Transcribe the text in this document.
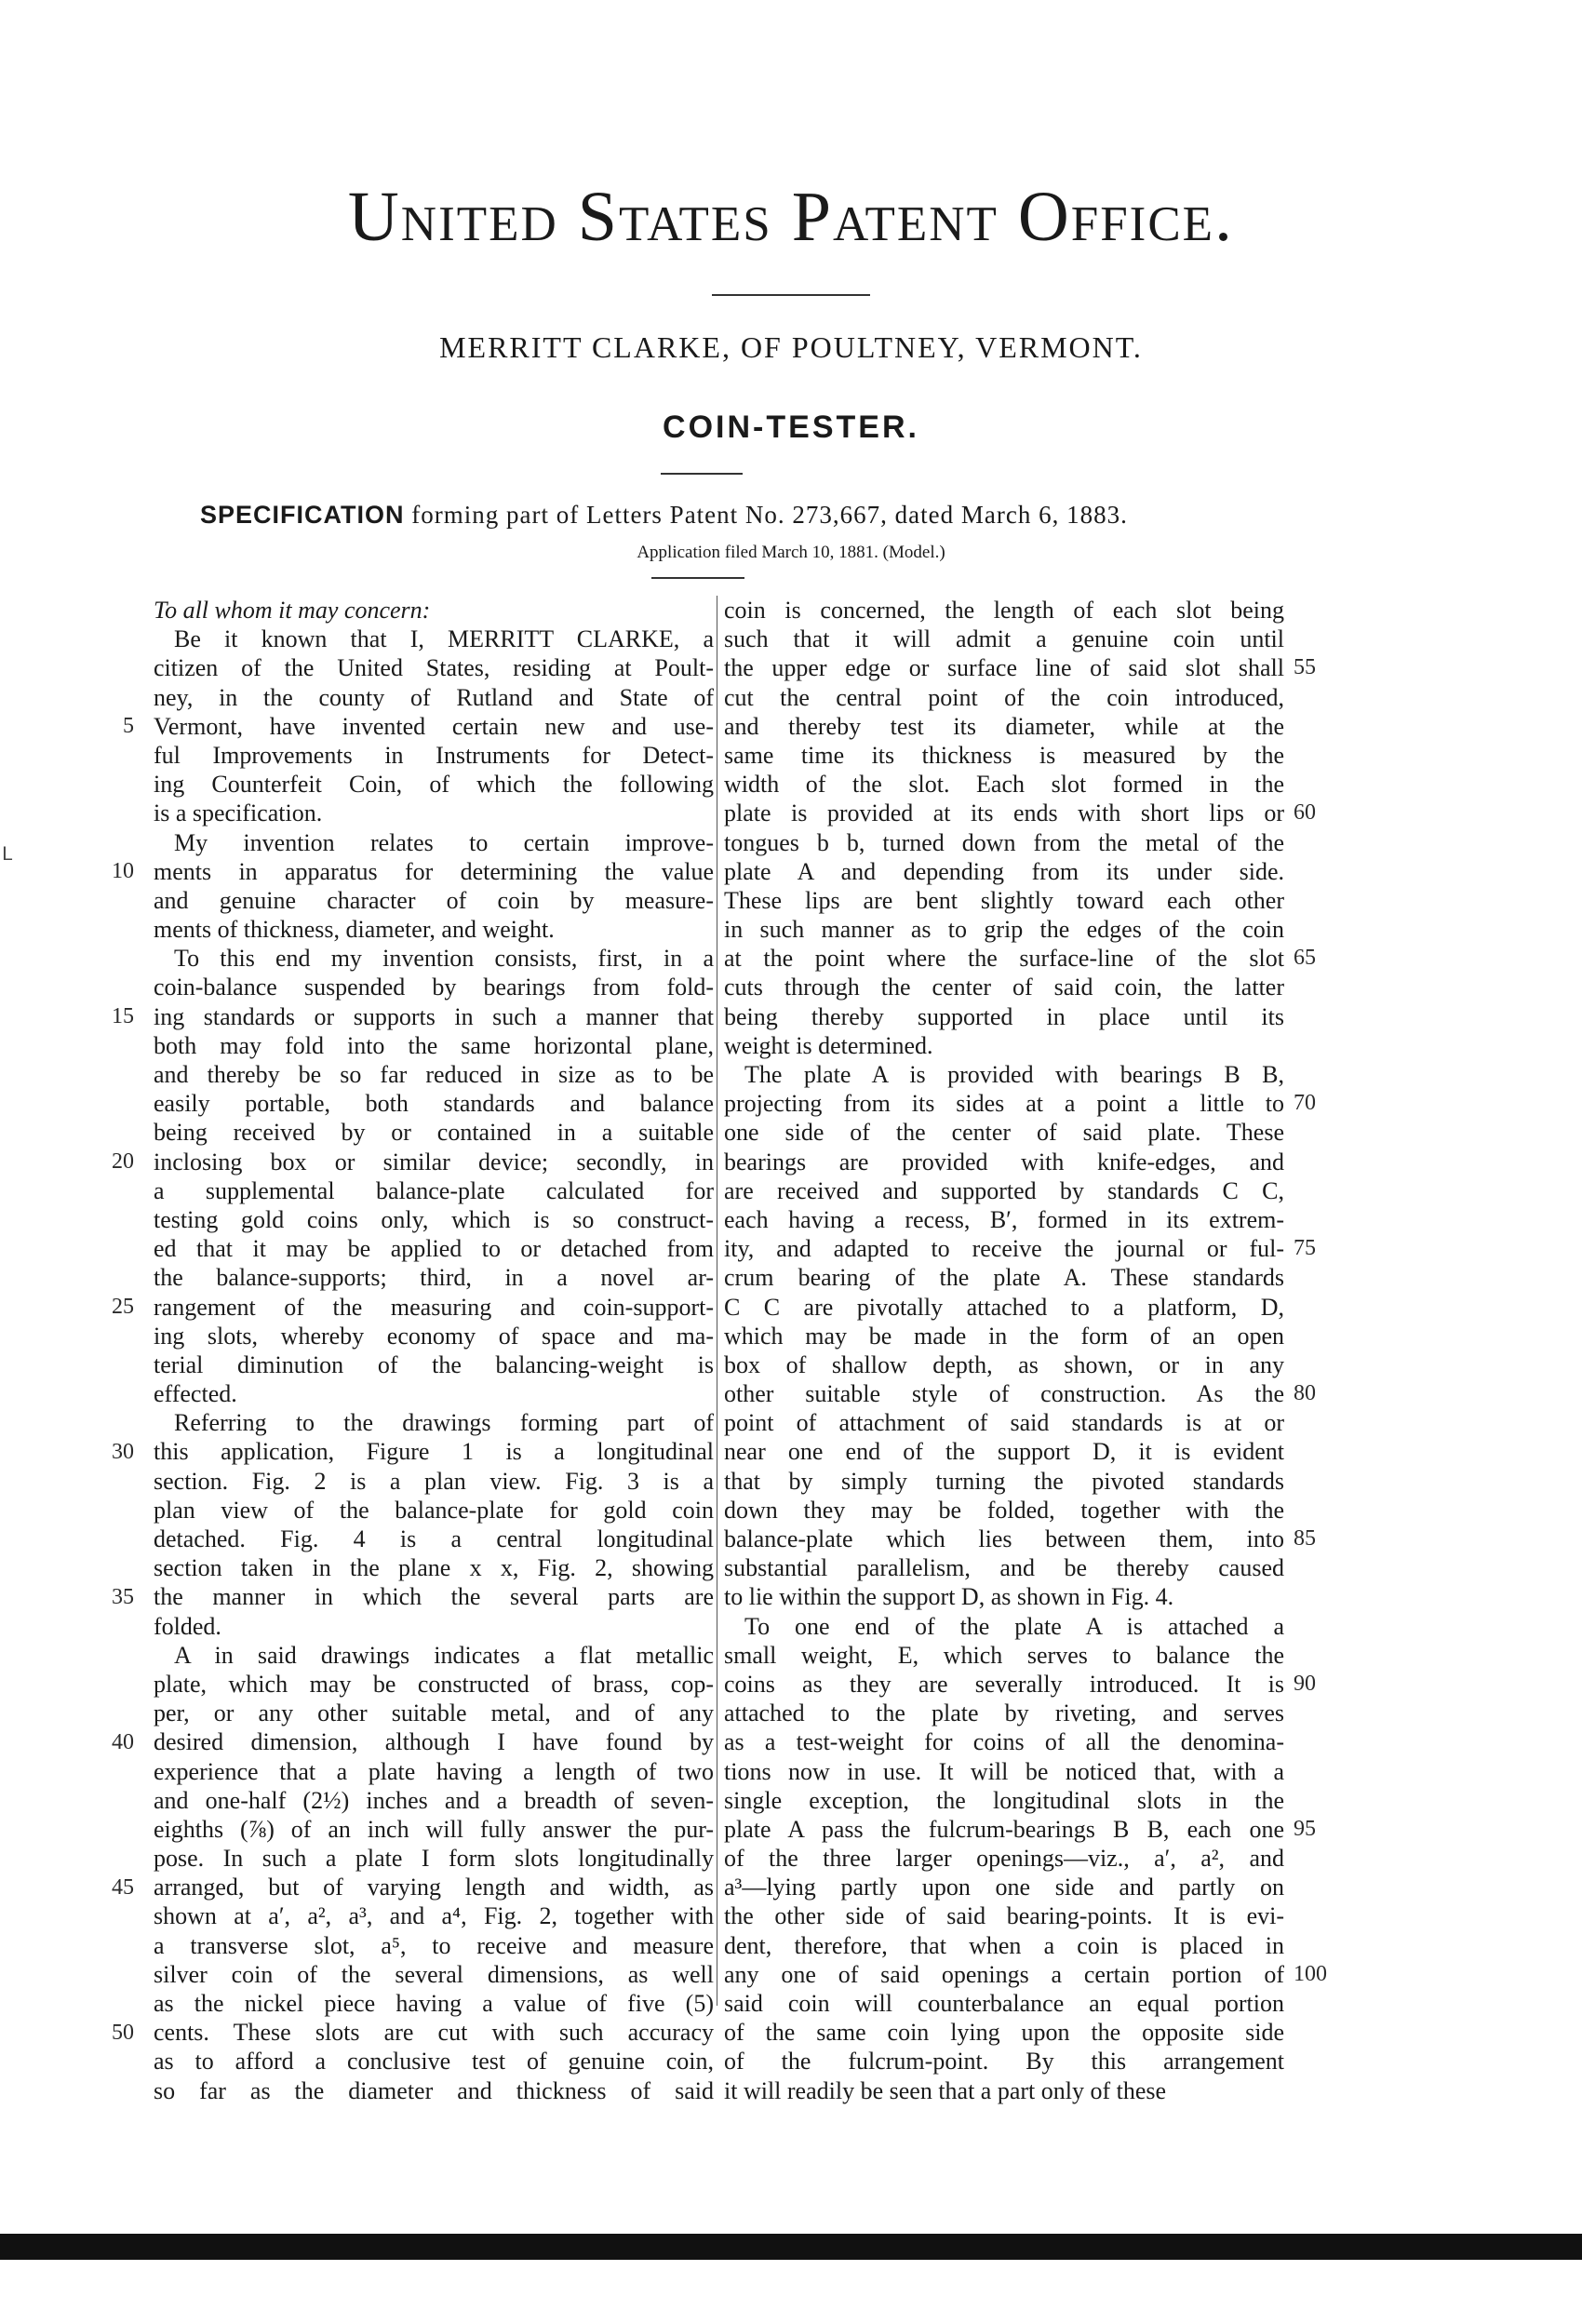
United States Patent Office.
MERRITT CLARKE, OF POULTNEY, VERMONT.
COIN-TESTER.
SPECIFICATION forming part of Letters Patent No. 273,667, dated March 6, 1883.
Application filed March 10, 1881. (Model.)
ᒪ
To all whom it may concern:
Be it known that I, MERRITT CLARKE, a
citizen of the United States, residing at Poult-
ney, in the county of Rutland and State of
Vermont, have invented certain new and use-
ful Improvements in Instruments for Detect-
ing Counterfeit Coin, of which the following
is a specification.
My invention relates to certain improve-
ments in apparatus for determining the value
and genuine character of coin by measure-
ments of thickness, diameter, and weight.
To this end my invention consists, first, in a
coin-balance suspended by bearings from fold-
ing standards or supports in such a manner that
both may fold into the same horizontal plane,
and thereby be so far reduced in size as to be
easily portable, both standards and balance
being received by or contained in a suitable
inclosing box or similar device; secondly, in
a supplemental balance-plate calculated for
testing gold coins only, which is so construct-
ed that it may be applied to or detached from
the balance-supports; third, in a novel ar-
rangement of the measuring and coin-support-
ing slots, whereby economy of space and ma-
terial diminution of the balancing-weight is
effected.
Referring to the drawings forming part of
this application, Figure 1 is a longitudinal
section. Fig. 2 is a plan view. Fig. 3 is a
plan view of the balance-plate for gold coin
detached. Fig. 4 is a central longitudinal
section taken in the plane x x, Fig. 2, showing
the manner in which the several parts are
folded.
A in said drawings indicates a flat metallic
plate, which may be constructed of brass, cop-
per, or any other suitable metal, and of any
desired dimension, although I have found by
experience that a plate having a length of two
and one-half (2½) inches and a breadth of seven-
eighths (⅞) of an inch will fully answer the pur-
pose. In such a plate I form slots longitudinally
arranged, but of varying length and width, as
shown at a′, a², a³, and a⁴, Fig. 2, together with
a transverse slot, a⁵, to receive and measure
silver coin of the several dimensions, as well
as the nickel piece having a value of five (5)
cents. These slots are cut with such accuracy
as to afford a conclusive test of genuine coin,
so far as the diameter and thickness of said
coin is concerned, the length of each slot being
such that it will admit a genuine coin until
the upper edge or surface line of said slot shall
cut the central point of the coin introduced,
and thereby test its diameter, while at the
same time its thickness is measured by the
width of the slot. Each slot formed in the
plate is provided at its ends with short lips or
tongues b b, turned down from the metal of the
plate A and depending from its under side.
These lips are bent slightly toward each other
in such manner as to grip the edges of the coin
at the point where the surface-line of the slot
cuts through the center of said coin, the latter
being thereby supported in place until its
weight is determined.
The plate A is provided with bearings B B,
projecting from its sides at a point a little to
one side of the center of said plate. These
bearings are provided with knife-edges, and
are received and supported by standards C C,
each having a recess, B′, formed in its extrem-
ity, and adapted to receive the journal or ful-
crum bearing of the plate A. These standards
C C are pivotally attached to a platform, D,
which may be made in the form of an open
box of shallow depth, as shown, or in any
other suitable style of construction. As the
point of attachment of said standards is at or
near one end of the support D, it is evident
that by simply turning the pivoted standards
down they may be folded, together with the
balance-plate which lies between them, into
substantial parallelism, and be thereby caused
to lie within the support D, as shown in Fig. 4.
To one end of the plate A is attached a
small weight, E, which serves to balance the
coins as they are severally introduced. It is
attached to the plate by riveting, and serves
as a test-weight for coins of all the denomina-
tions now in use. It will be noticed that, with a
single exception, the longitudinal slots in the
plate A pass the fulcrum-bearings B B, each one
of the three larger openings—viz., a′, a², and
a³—lying partly upon one side and partly on
the other side of said bearing-points. It is evi-
dent, therefore, that when a coin is placed in
any one of said openings a certain portion of
said coin will counterbalance an equal portion
of the same coin lying upon the opposite side
of the fulcrum-point. By this arrangement
it will readily be seen that a part only of these
5
10
15
20
25
30
35
40
45
50
55
60
65
70
75
80
85
90
95
100
